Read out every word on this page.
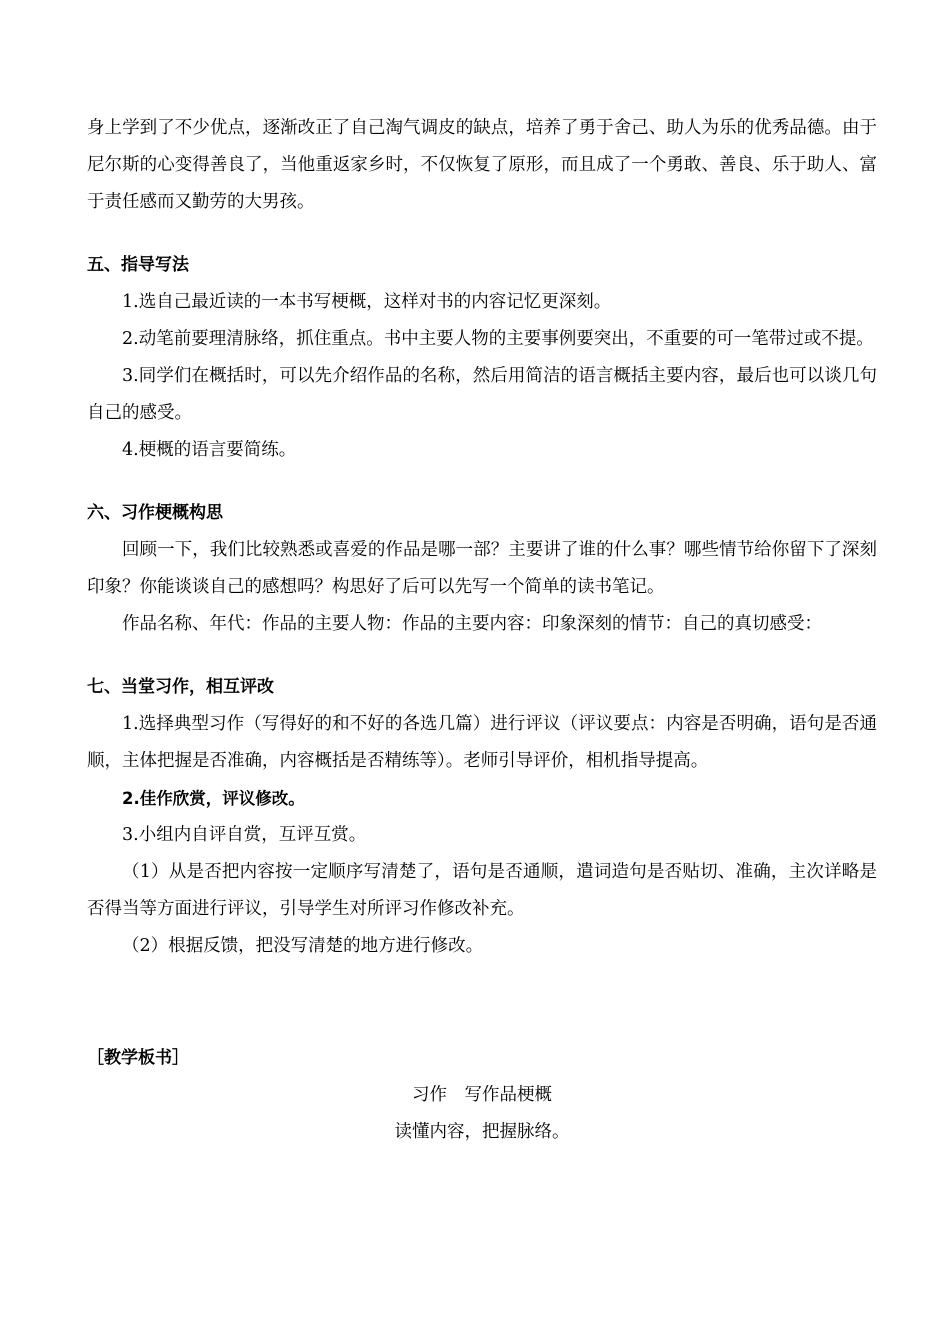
身上学到了不少优点，逐渐改正了自己淘气调皮的缺点，培养了勇于舍己、助人为乐的优秀品德。由于尼尔斯的心变得善良了，当他重返家乡时，不仅恢复了原形，而且成了一个勇敢、善良、乐于助人、富于责任感而又勤劳的大男孩。

五、指导写法

1.选自己最近读的一本书写梗概，这样对书的内容记忆更深刻。

2.动笔前要理清脉络，抓住重点。书中主要人物的主要事例要突出，不重要的可一笔带过或不提。

3.同学们在概括时，可以先介绍作品的名称，然后用简洁的语言概括主要内容，最后也可以谈几句自己的感受。

4.梗概的语言要简练。

六、习作梗概构思

回顾一下，我们比较熟悉或喜爱的作品是哪一部？主要讲了谁的什么事？哪些情节给你留下了深刻印象？你能谈谈自己的感想吗？构思好了后可以先写一个简单的读书笔记。

作品名称、年代：作品的主要人物：作品的主要内容：印象深刻的情节：自己的真切感受：

七、当堂习作，相互评改

1.选择典型习作（写得好的和不好的各选几篇）进行评议（评议要点：内容是否明确，语句是否通顺，主体把握是否准确，内容概括是否精练等）。老师引导评价，相机指导提高。

2.佳作欣赏，评议修改。

3.小组内自评自赏，互评互赏。

（1）从是否把内容按一定顺序写清楚了，语句是否通顺，遣词造句是否贴切、准确，主次详略是否得当等方面进行评议，引导学生对所评习作修改补充。

（2）根据反馈，把没写清楚的地方进行修改。

［教学板书］

习作　写作品梗概

读懂内容，把握脉络。
